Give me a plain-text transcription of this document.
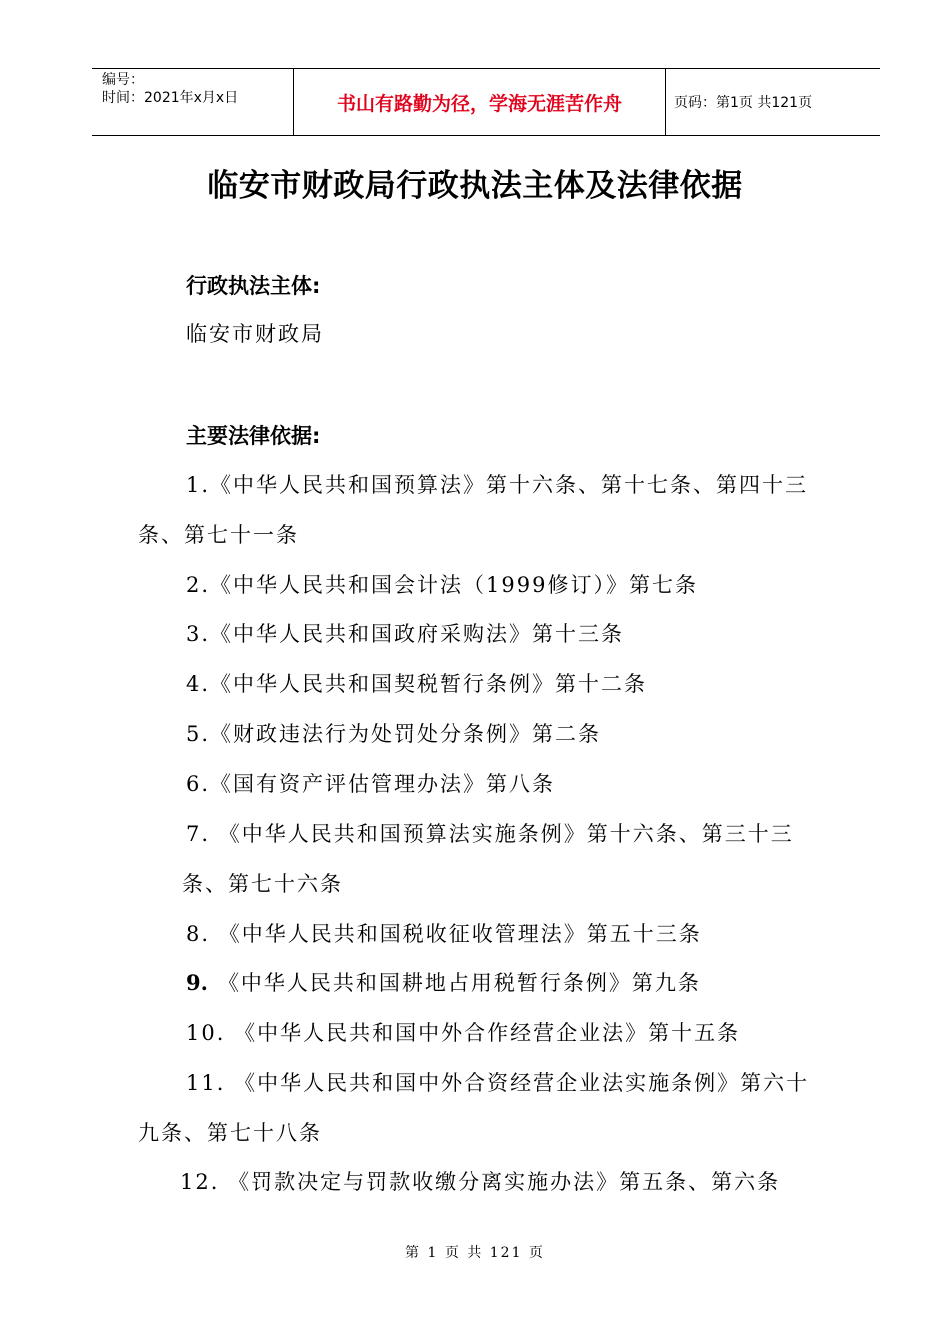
编号：
时间：2021年x月x日	书山有路勤为径，学海无涯苦作舟	页码：第1页 共121页
临安市财政局行政执法主体及法律依据
行政执法主体:
临安市财政局
主要法律依据:
1.《中华人民共和国预算法》第十六条、第十七条、第四十三
条、第七十一条
2.《中华人民共和国会计法（1999修订）》第七条
3.《中华人民共和国政府采购法》第十三条
4.《中华人民共和国契税暂行条例》第十二条
5.《财政违法行为处罚处分条例》第二条
6.《国有资产评估管理办法》第八条
7. 《中华人民共和国预算法实施条例》第十六条、第三十三
条、第七十六条
8. 《中华人民共和国税收征收管理法》第五十三条
9. 《中华人民共和国耕地占用税暂行条例》第九条
10. 《中华人民共和国中外合作经营企业法》第十五条
11. 《中华人民共和国中外合资经营企业法实施条例》第六十
九条、第七十八条
12. 《罚款决定与罚款收缴分离实施办法》第五条、第六条
第 1 页 共 121 页
